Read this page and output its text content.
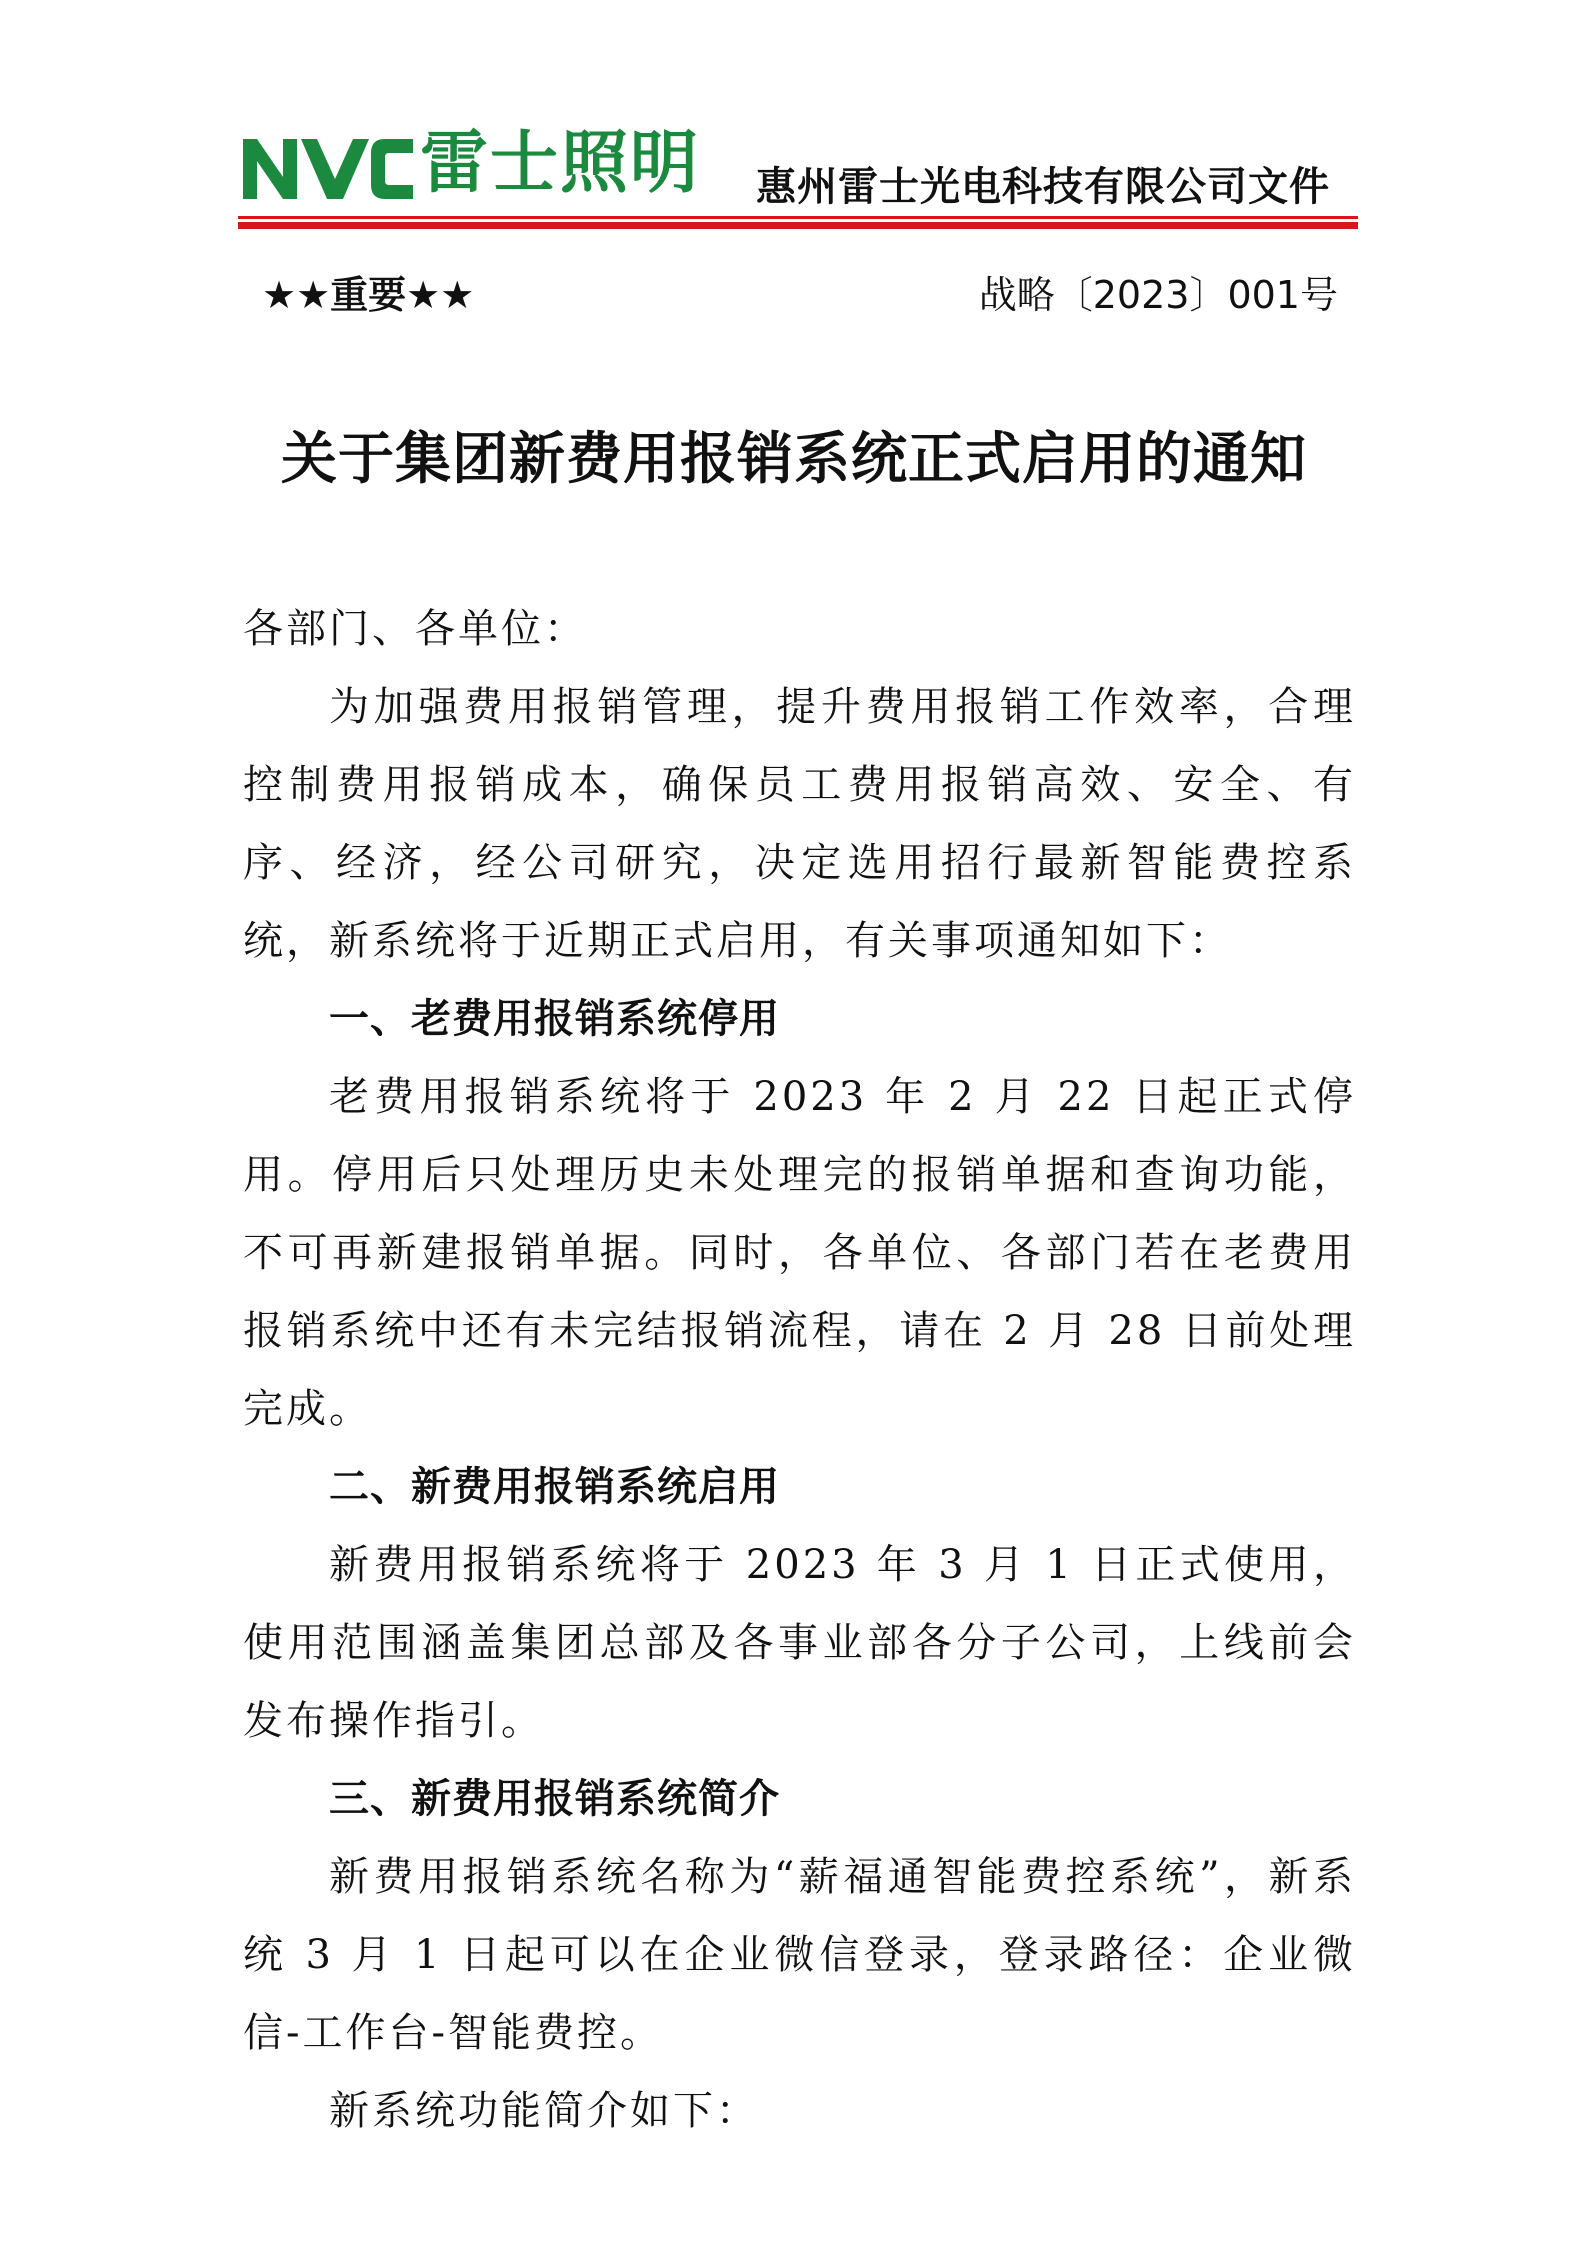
雷士照明 惠州雷士光电科技有限公司文件
★★重要★★	战略〔2023〕001号
关于集团新费用报销系统正式启用的通知

各部门、各单位：

为加强费用报销管理，提升费用报销工作效率，合理控制费用报销成本，确保员工费用报销高效、安全、有序、经济，经公司研究，决定选用招行最新智能费控系统，新系统将于近期正式启用，有关事项通知如下：

一、老费用报销系统停用

老费用报销系统将于 2023 年 2 月 22 日起正式停用。停用后只处理历史未处理完的报销单据和查询功能，不可再新建报销单据。同时，各单位、各部门若在老费用报销系统中还有未完结报销流程，请在 2 月 28 日前处理完成。

二、新费用报销系统启用

新费用报销系统将于 2023 年 3 月 1 日正式使用，使用范围涵盖集团总部及各事业部各分子公司，上线前会发布操作指引。

三、新费用报销系统简介

新费用报销系统名称为“薪福通智能费控系统”，新系统 3 月 1 日起可以在企业微信登录，登录路径：企业微信-工作台-智能费控。

新系统功能简介如下：
